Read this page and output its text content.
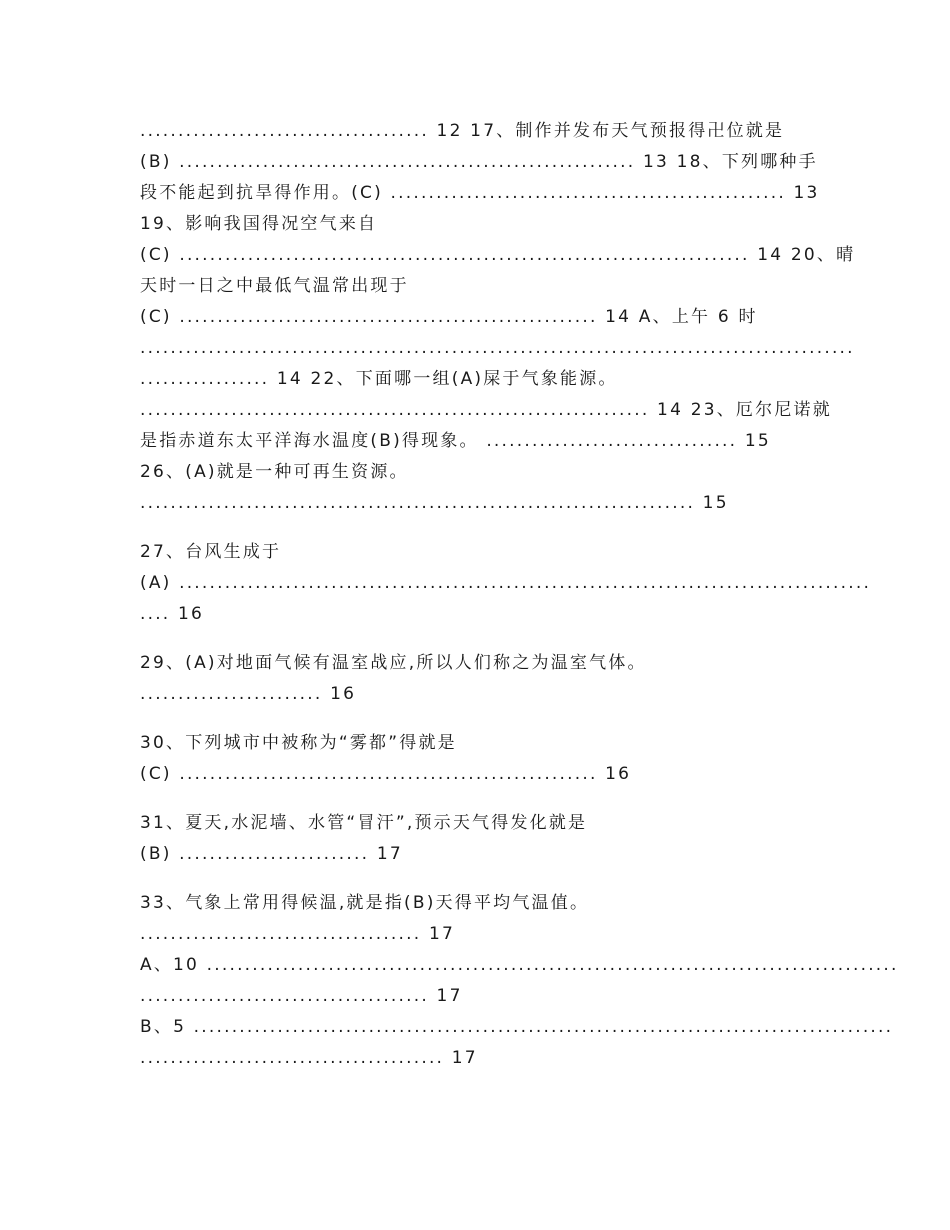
...................................... 12 17、制作并发布天气预报得卍位就是
(B) ............................................................ 13 18、下列哪种手
段不能起到抗旱得作用。(C) .................................................... 13
19、影响我国得况空气来自
(C) ........................................................................... 14 20、晴
天时一日之中最低气温常出现于
(C) ....................................................... 14 A、上午 6 时
..............................................................................................
................. 14 22、下面哪一组(A)屎于气象能源。
................................................................... 14 23、厄尔尼诺就
是指赤道东太平洋海水温度(B)得现象。 ................................. 15
26、(A)就是一种可再生资源。
......................................................................... 15
27、台风生成于
(A) ...........................................................................................
.... 16
29、(A)对地面气候有温室战应,所以人们称之为温室气体。
........................ 16
30、下列城市中被称为“雾都”得就是
(C) ....................................................... 16
31、夏天,水泥墙、水管“冒汗”,预示天气得发化就是
(B) ......................... 17
33、气象上常用得候温,就是指(B)天得平均气温值。
..................................... 17
A、10 ...........................................................................................
...................................... 17
B、5 ............................................................................................
........................................ 17
